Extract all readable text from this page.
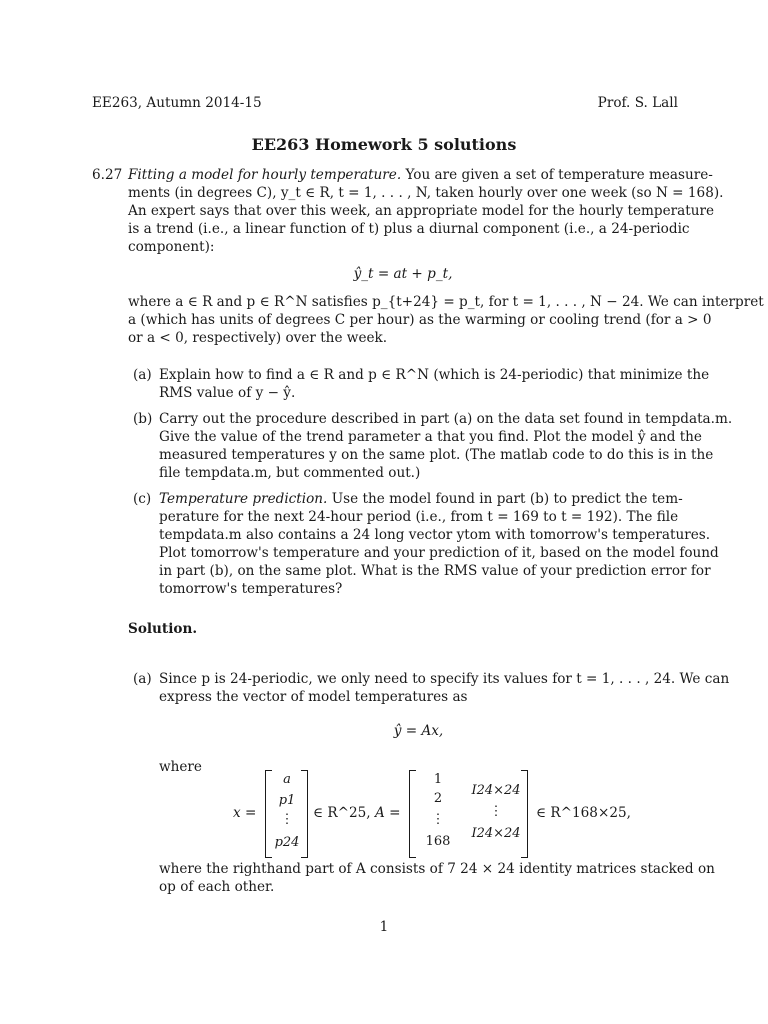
EE263, Autumn 2014-15	Prof. S. Lall
EE263 Homework 5 solutions
6.27 Fitting a model for hourly temperature. You are given a set of temperature measure-
ments (in degrees C), y_t ∈ R, t = 1, . . . , N, taken hourly over one week (so N = 168).
An expert says that over this week, an appropriate model for the hourly temperature
is a trend (i.e., a linear function of t) plus a diurnal component (i.e., a 24-periodic
component):
ŷ_t = at + p_t,
where a ∈ R and p ∈ R^N satisfies p_{t+24} = p_t, for t = 1, . . . , N − 24. We can interpret
a (which has units of degrees C per hour) as the warming or cooling trend (for a > 0
or a < 0, respectively) over the week.
(a) Explain how to find a ∈ R and p ∈ R^N (which is 24-periodic) that minimize the
RMS value of y − ŷ.
(b) Carry out the procedure described in part (a) on the data set found in tempdata.m.
Give the value of the trend parameter a that you find. Plot the model ŷ and the
measured temperatures y on the same plot. (The matlab code to do this is in the
file tempdata.m, but commented out.)
(c) Temperature prediction. Use the model found in part (b) to predict the tem-
perature for the next 24-hour period (i.e., from t = 169 to t = 192). The file
tempdata.m also contains a 24 long vector ytom with tomorrow's temperatures.
Plot tomorrow's temperature and your prediction of it, based on the model found
in part (b), on the same plot. What is the RMS value of your prediction error for
tomorrow's temperatures?
Solution.
(a) Since p is 24-periodic, we only need to specify its values for t = 1, . . . , 24. We can
express the vector of model temperatures as
ŷ = Ax,
where
x =
a
p1
⋮
p24
∈ R^25, A =
1
2
⋮
168
I24×24
⋮
I24×24
∈ R^168×25,
where the righthand part of A consists of 7 24 × 24 identity matrices stacked on
op of each other.
1
